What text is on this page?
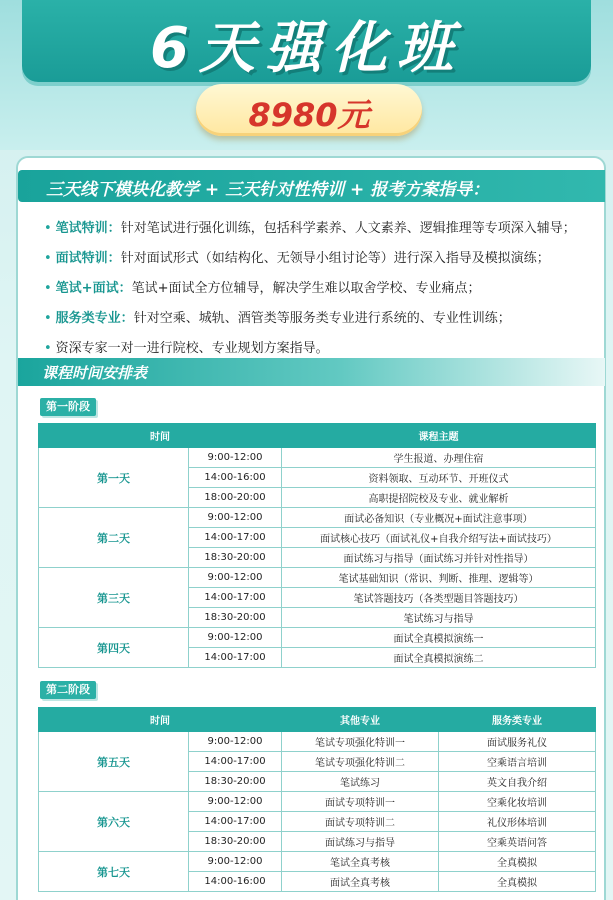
6天强化班
8980元
三天线下模块化教学 + 三天针对性特训 + 报考方案指导：
• 笔试特训：针对笔试进行强化训练，包括科学素养、人文素养、逻辑推理等专项深入辅导；
• 面试特训：针对面试形式（如结构化、无领导小组讨论等）进行深入指导及模拟演练；
• 笔试+面试：笔试+面试全方位辅导，解决学生难以取舍学校、专业痛点；
• 服务类专业：针对空乘、城轨、酒管类等服务类专业进行系统的、专业性训练；
• 资深专家一对一进行院校、专业规划方案指导。
课程时间安排表
第一阶段
时间		课程主题
第一天	9:00-12:00	学生报道、办理住宿
	14:00-16:00	资料领取、互动环节、开班仪式
	18:00-20:00	高职提招院校及专业、就业解析
第二天	9:00-12:00	面试必备知识（专业概况+面试注意事项）
	14:00-17:00	面试核心技巧（面试礼仪+自我介绍写法+面试技巧）
	18:30-20:00	面试练习与指导（面试练习并针对性指导）
第三天	9:00-12:00	笔试基础知识（常识、判断、推理、逻辑等）
	14:00-17:00	笔试答题技巧（各类型题目答题技巧）
	18:30-20:00	笔试练习与指导
第四天	9:00-12:00	面试全真模拟演练一
	14:00-17:00	面试全真模拟演练二
第二阶段
时间		其他专业	服务类专业
第五天	9:00-12:00	笔试专项强化特训一	面试服务礼仪
	14:00-17:00	笔试专项强化特训二	空乘语言培训
	18:30-20:00	笔试练习	英文自我介绍
第六天	9:00-12:00	面试专项特训一	空乘化妆培训
	14:00-17:00	面试专项特训二	礼仪形体培训
	18:30-20:00	面试练习与指导	空乘英语问答
第七天	9:00-12:00	笔试全真考核	全真模拟
	14:00-16:00	面试全真考核	全真模拟
